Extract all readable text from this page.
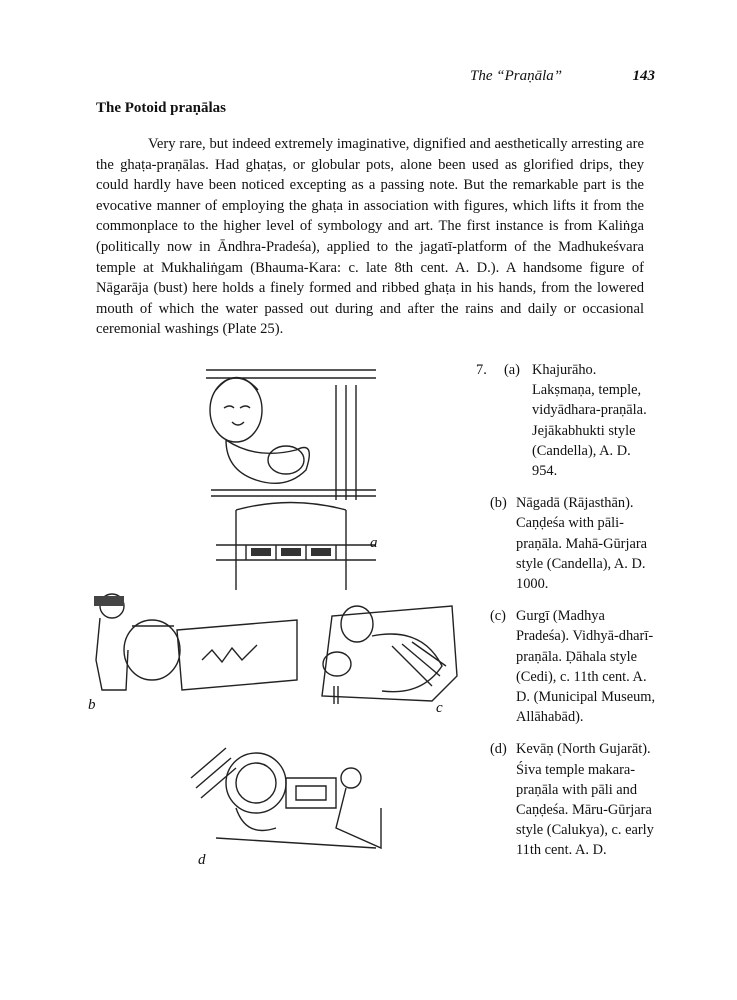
The “Praṇāla”	143
The Potoid praṇālas

Very rare, but indeed extremely imaginative, dignified and aesthetically arresting are the ghaṭa-praṇālas. Had ghaṭas, or globular pots, alone been used as glorified drips, they could hardly have been noticed excepting as a passing note. But the remarkable part is the evocative manner of employing the ghaṭa in association with figures, which lifts it from the commonplace to the higher level of symbology and art. The first instance is from Kaliṅga (politically now in Āndhra-Pradeśa), applied to the jagatī-platform of the Madhukeśvara temple at Mukhaliṅgam (Bhauma-Kara: c. late 8th cent. A. D.). A handsome figure of Nāgarāja (bust) here holds a finely formed and ribbed ghaṭa in his hands, from the lowered mouth of which the water passed out during and after the rains and daily or occasional ceremonial washings (Plate 25).

a
b	c
d
7.	(a) Khajurāho. Lakṣmaṇa, temple, vidyādhara-praṇāla. Jejākabhukti style (Candella), A. D. 954.
(b) Nāgadā (Rājasthān). Caṇḍeśa with pāli-praṇāla. Mahā-Gūrjara style (Candella), A. D. 1000.
(c) Gurgī (Madhya Pradeśa). Vidhyā-dharī-praṇāla. Ḍāhala style (Cedi), c. 11th cent. A. D. (Municipal Museum, Allāhabād).
(d) Kevāṇ (North Gujarāt). Śiva temple makara-praṇāla with pāli and Caṇḍeśa. Māru-Gūrjara style (Calukya), c. early 11th cent. A. D.
